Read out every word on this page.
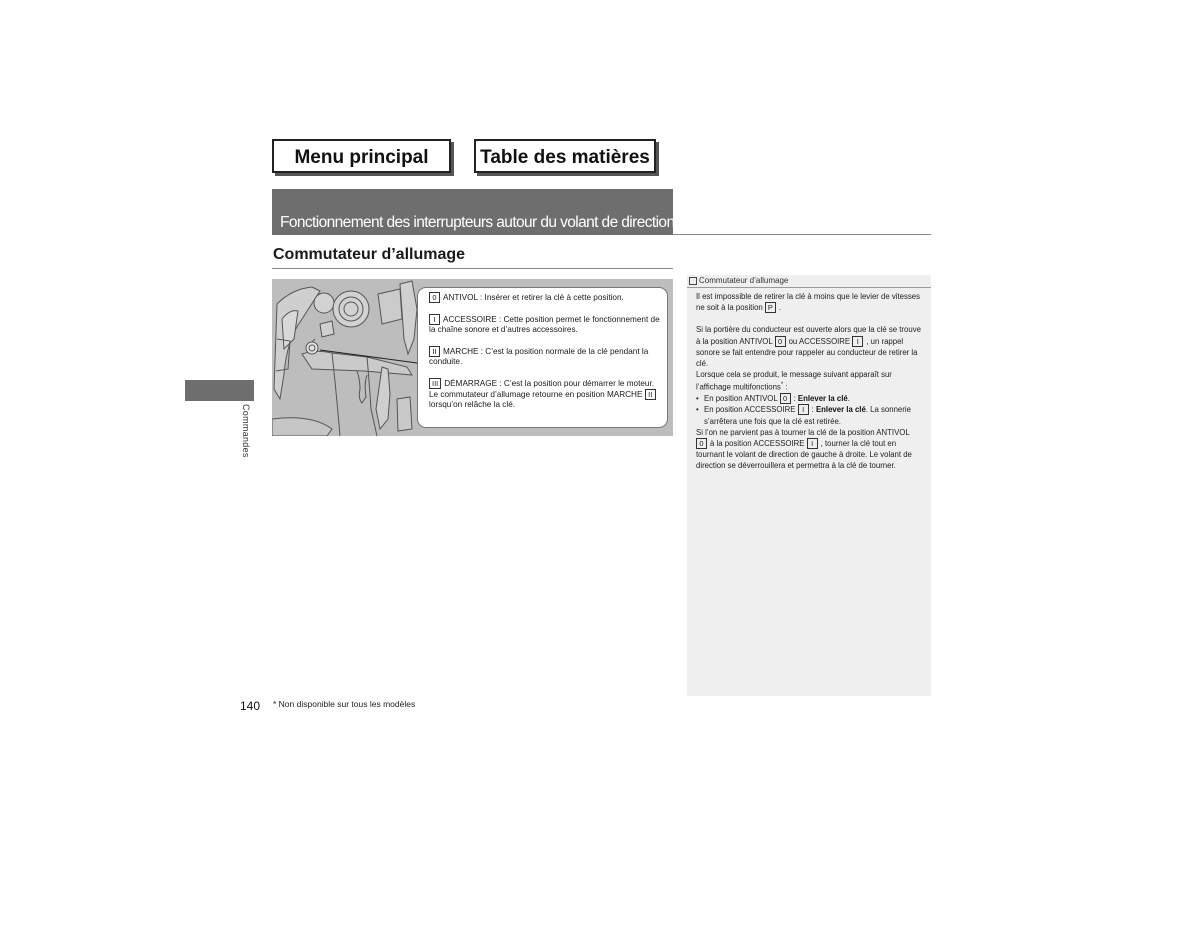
Menu principal	Table des matières
Fonctionnement des interrupteurs autour du volant de direction
Commutateur d’allumage
Commandes

0 ANTIVOL : Insérer et retirer la clé à cette position.

I ACCESSOIRE : Cette position permet le fonctionnement de la chaîne sonore et d’autres accessoires.

II MARCHE : C’est la position normale de la clé pendant la conduite.

III DÉMARRAGE : C’est la position pour démarrer le moteur. Le commutateur d’allumage retourne en position MARCHE IIlorsqu’on relâche la clé.

Commutateur d’allumage

Il est impossible de retirer la clé à moins que le levier de vitesses ne soit à la position P .

Si la portière du conducteur est ouverte alors que la clé se trouve à la position ANTIVOL 0 ou ACCESSOIRE I , un rappel sonore se fait entendre pour rappeler au conducteur de retirer la clé.

Lorsque cela se produit, le message suivant apparaît sur l’affichage multifonctions* :

• En position ANTIVOL 0 : Enlever la clé.

• En position ACCESSOIRE I : Enlever la clé. La sonnerie s’arrêtera une fois que la clé est retirée.

Si l’on ne parvient pas à tourner la clé de la position ANTIVOL 0 à la position ACCESSOIRE I , tourner la clé tout en tournant le volant de direction de gauche à droite. Le volant de direction se déverrouillera et permettra à la clé de tourner.

140 * Non disponible sur tous les modèles
